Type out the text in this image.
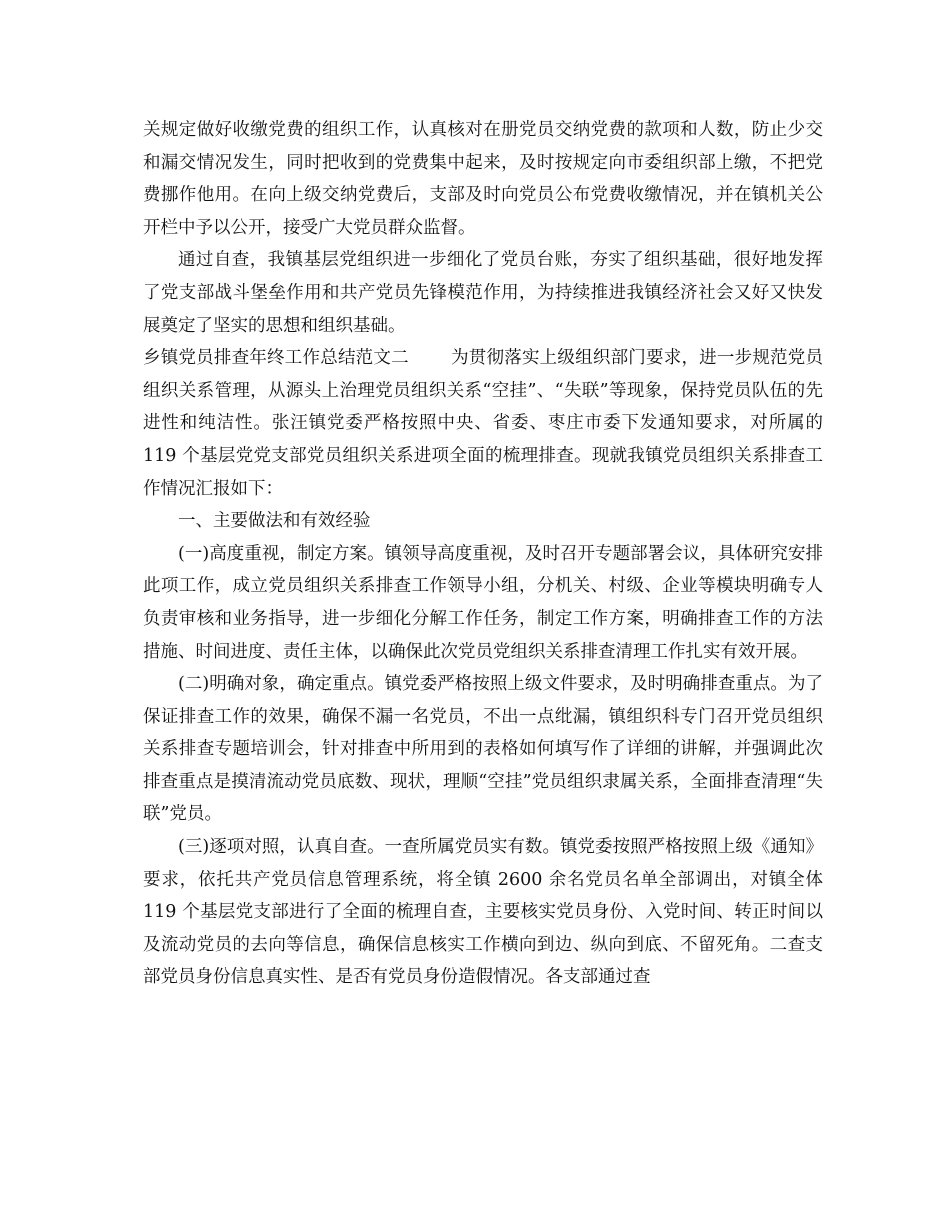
关规定做好收缴党费的组织工作，认真核对在册党员交纳党费的款项和人数，防止少交和漏交情况发生，同时把收到的党费集中起来，及时按规定向市委组织部上缴，不把党费挪作他用。在向上级交纳党费后，支部及时向党员公布党费收缴情况，并在镇机关公开栏中予以公开，接受广大党员群众监督。

通过自查，我镇基层党组织进一步细化了党员台账，夯实了组织基础，很好地发挥了党支部战斗堡垒作用和共产党员先锋模范作用，为持续推进我镇经济社会又好又快发展奠定了坚实的思想和组织基础。

乡镇党员排查年终工作总结范文二 为贯彻落实上级组织部门要求，进一步规范党员组织关系管理，从源头上治理党员组织关系“空挂”、“失联”等现象，保持党员队伍的先进性和纯洁性。张汪镇党委严格按照中央、省委、枣庄市委下发通知要求，对所属的 119 个基层党党支部党员组织关系进项全面的梳理排查。现就我镇党员组织关系排查工作情况汇报如下：

一、主要做法和有效经验

(一)高度重视，制定方案。镇领导高度重视，及时召开专题部署会议，具体研究安排此项工作，成立党员组织关系排查工作领导小组，分机关、村级、企业等模块明确专人负责审核和业务指导，进一步细化分解工作任务，制定工作方案，明确排查工作的方法措施、时间进度、责任主体，以确保此次党员党组织关系排查清理工作扎实有效开展。

(二)明确对象，确定重点。镇党委严格按照上级文件要求，及时明确排查重点。为了保证排查工作的效果，确保不漏一名党员，不出一点纰漏，镇组织科专门召开党员组织关系排查专题培训会，针对排查中所用到的表格如何填写作了详细的讲解，并强调此次排查重点是摸清流动党员底数、现状，理顺“空挂”党员组织隶属关系，全面排查清理“失联”党员。

(三)逐项对照，认真自查。一查所属党员实有数。镇党委按照严格按照上级《通知》要求，依托共产党员信息管理系统，将全镇 2600 余名党员名单全部调出，对镇全体 119 个基层党支部进行了全面的梳理自查，主要核实党员身份、入党时间、转正时间以及流动党员的去向等信息，确保信息核实工作横向到边、纵向到底、不留死角。二查支部党员身份信息真实性、是否有党员身份造假情况。各支部通过查
